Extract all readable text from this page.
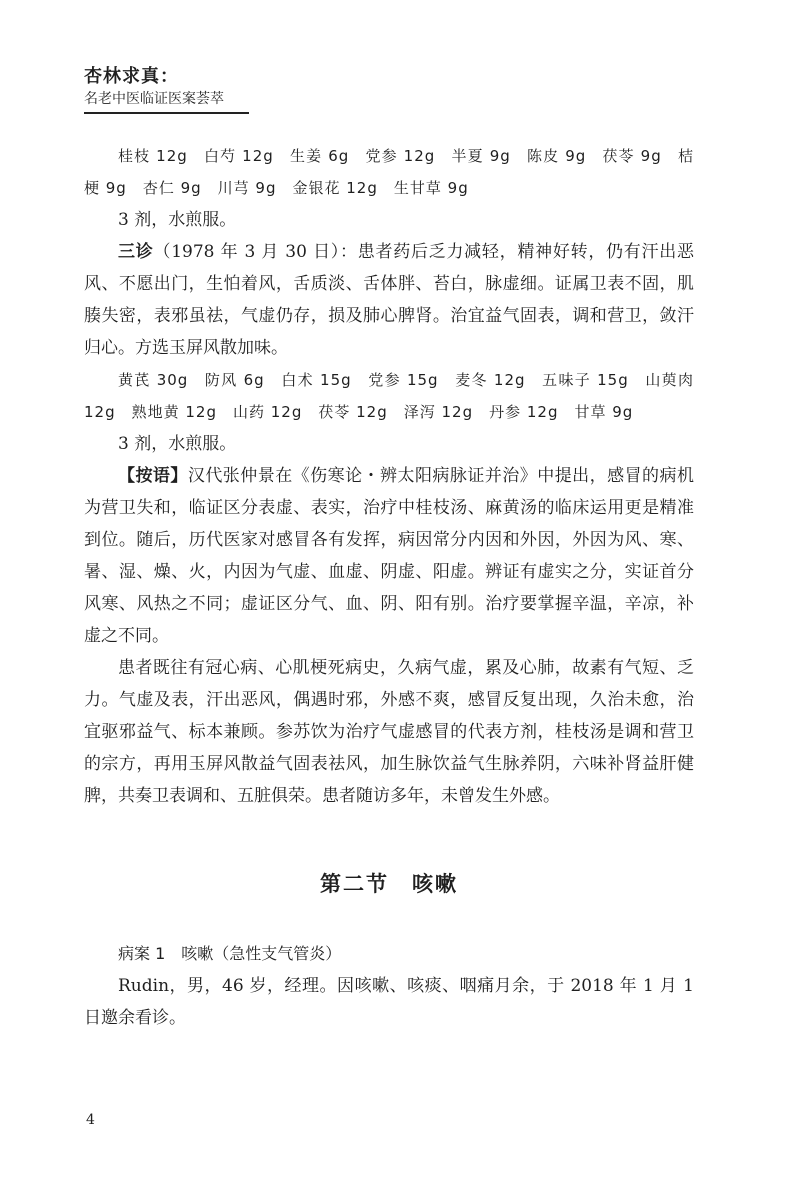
杏林求真：
名老中医临证医案荟萃

桂枝 12g　白芍 12g　生姜 6g　党参 12g　半夏 9g　陈皮 9g　茯苓 9g　桔梗 9g　杏仁 9g　川芎 9g　金银花 12g　生甘草 9g

3 剂，水煎服。

三诊（1978 年 3 月 30 日）：患者药后乏力减轻，精神好转，仍有汗出恶风、不愿出门，生怕着风，舌质淡、舌体胖、苔白，脉虚细。证属卫表不固，肌腠失密，表邪虽祛，气虚仍存，损及肺心脾肾。治宜益气固表，调和营卫，敛汗归心。方选玉屏风散加味。

黄芪 30g　防风 6g　白术 15g　党参 15g　麦冬 12g　五味子 15g　山萸肉 12g　熟地黄 12g　山药 12g　茯苓 12g　泽泻 12g　丹参 12g　甘草 9g

3 剂，水煎服。

【按语】汉代张仲景在《伤寒论・辨太阳病脉证并治》中提出，感冒的病机为营卫失和，临证区分表虚、表实，治疗中桂枝汤、麻黄汤的临床运用更是精准到位。随后，历代医家对感冒各有发挥，病因常分内因和外因，外因为风、寒、暑、湿、燥、火，内因为气虚、血虚、阴虚、阳虚。辨证有虚实之分，实证首分风寒、风热之不同；虚证区分气、血、阴、阳有别。治疗要掌握辛温，辛凉，补虚之不同。

患者既往有冠心病、心肌梗死病史，久病气虚，累及心肺，故素有气短、乏力。气虚及表，汗出恶风，偶遇时邪，外感不爽，感冒反复出现，久治未愈，治宜驱邪益气、标本兼顾。参苏饮为治疗气虚感冒的代表方剂，桂枝汤是调和营卫的宗方，再用玉屏风散益气固表祛风，加生脉饮益气生脉养阴，六味补肾益肝健脾，共奏卫表调和、五脏俱荣。患者随访多年，未曾发生外感。

第二节　咳嗽

病案 1　咳嗽（急性支气管炎）

Rudin，男，46 岁，经理。因咳嗽、咳痰、咽痛月余，于 2018 年 1 月 1 日邀余看诊。

4
